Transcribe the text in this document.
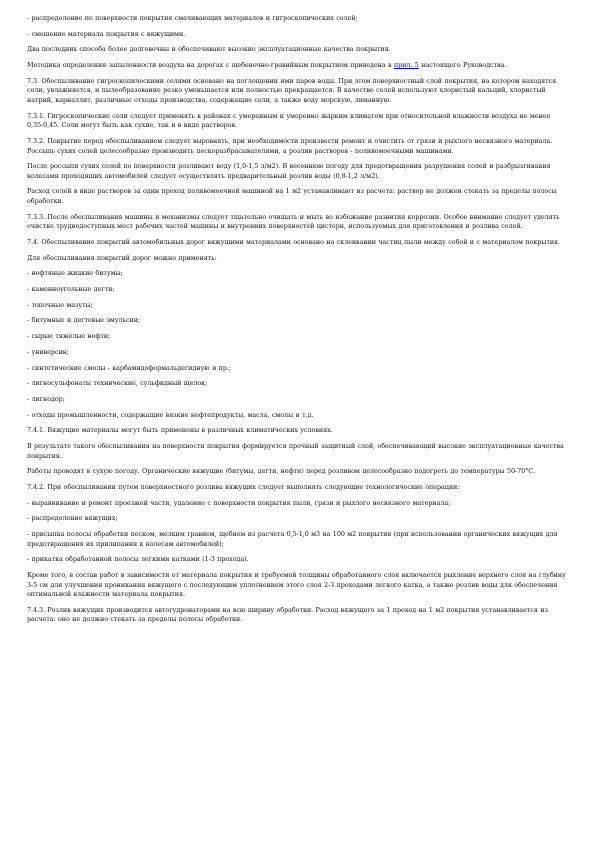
- распределение по поверхности покрытия смачивающих материалов и гигроскопических солей;

- смешение материала покрытия с вяжущими.

Два последних способа более долговечны и обеспечивают высокие эксплуатационные качества покрытия.

Методика определения запыленности воздуха на дорогах с щебеночно-гравийным покрытием приведена в прил. 5 настоящего Руководства.

7.3. Обеспыливание гигроскопическими солями основано на поглощении ими паров воды. При этом поверхностный слой покрытия, на котором находятся соли, увлажняется, и пылеобразование резко уменьшается или полностью прекращается. В качестве солей используют хлористый кальций, хлористый натрий, карналлит, различные отходы производства, содержащие соли, а также воду морскую, лиманную.

7.3.1. Гигроскопические соли следует применять в районах с умеренным и умеренно жарким климатом при относительной влажности воздуха не менее 0,35-0,45. Соли могут быть как сухие, так и в виде растворов.

7.3.2. Покрытие перед обеспыливанием следует выровнять, при необходимости произвести ремонт и очистить от грязи и рыхлого несвязного материала. Россыпь сухих солей целесообразно производить пескоразбрасывателями, а розлив растворов - поливомоечными машинами.

После россыпи сухих солей по поверхности розливают воду (1,0-1,5 л/м2). В весеннюю погоду для предотвращения разрушения солей и разбрызгивания колесами проходящих автомобилей следует осуществлять предварительный розлив воды (0,8-1,2 л/м2).

Расход солей в виде растворов за один проход поливомоечной машиной на 1 м2 устанавливают из расчета: раствор не должен стекать за пределы полосы обработки.

7.3.3. После обеспыливания машины и механизмы следует тщательно очищать и мыть во избежание развития коррозии. Особое внимание следует уделять очистке труднодоступных мест рабочих частей машины и внутренних поверхностей цистерн, используемых для приготовления и розлива солей.

7.4. Обеспыливание покрытий автомобильных дорог вяжущими материалами основано на склеивании частиц пыли между собой и с материалом покрытия.

Для обеспыливания покрытий дорог можно применять:

- нефтяные жидкие битумы;

- каменноугольные дегти;

- топочные мазуты;

- битумные и дегтевые эмульсии;

- сырые тяжелые нефти;

- универсин;

- синтетические смолы - карбамидоформальдегидную и пр.;

- лигносульфонаты технические, сульфидный щелок;

- лигнодор;

- отходы промышленности, содержащие вязкие нефтепродукты, масла, смолы и т.д.

7.4.1. Вяжущие материалы могут быть применены в различных климатических условиях.

В результате такого обеспыливания на поверхности покрытия формируется прочный защитный слой, обеспечивающий высокие эксплуатационные качества покрытия.

Работы проводят в сухую погоду. Органические вяжущие (битумы, дегти, нефти) перед розливом целесообразно подогреть до температуры 50-70°С.

7.4.2. При обеспыливании путем поверхностного розлива вяжущих следует выполнять следующие технологические операции:

- выравнивание и ремонт проезжей части, удаление с поверхности покрытия пыли, грязи и рыхлого несвязного материала;

- распределение вяжущих;

- присыпка полосы обработки песком, мелким гравием, щебнем из расчета 0,5-1,0 м3 на 100 м2 покрытия (при использовании органических вяжущих для предотвращения их прилипания к колесам автомобилей);

- прикатка обработанной полосы легкими катками (1-3 прохода).

Кроме того, в состав работ в зависимости от материала покрытия и требуемой толщины обработанного слоя включается рыхление верхнего слоя на глубину 3-5 см для улучшения проникания вяжущего с последующим уплотнением этого слоя 2-3 проходами легкого катка, а также розлив воды для обеспечения оптимальной влажности материала покрытия.

7.4.3. Розлив вяжущих производится автогудронаторами на всю ширину обработки. Расход вяжущего за 1 проход на 1 м2 покрытия устанавливается из расчета: оно не должно стекать за пределы полосы обработки.
